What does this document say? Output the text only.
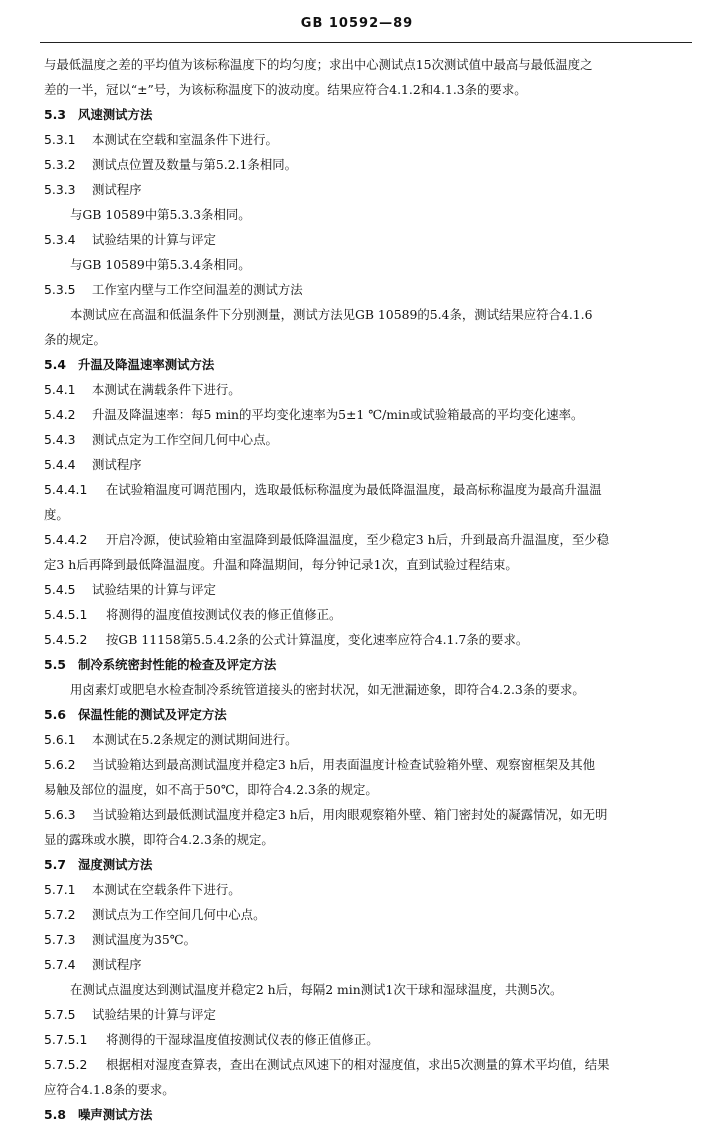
GB 10592—89
与最低温度之差的平均值为该标称温度下的均匀度；求出中心测试点15次测试值中最高与最低温度之
差的一半，冠以“±”号，为该标称温度下的波动度。结果应符合4.1.2和4.1.3条的要求。
5.3 风速测试方法
5.3.1 本测试在空载和室温条件下进行。
5.3.2 测试点位置及数量与第5.2.1条相同。
5.3.3 测试程序
与GB 10589中第5.3.3条相同。
5.3.4 试验结果的计算与评定
与GB 10589中第5.3.4条相同。
5.3.5 工作室内壁与工作空间温差的测试方法
本测试应在高温和低温条件下分别测量，测试方法见GB 10589的5.4条，测试结果应符合4.1.6
条的规定。
5.4 升温及降温速率测试方法
5.4.1 本测试在满载条件下进行。
5.4.2 升温及降温速率：每5 min的平均变化速率为5±1 ℃/min或试验箱最高的平均变化速率。
5.4.3 测试点定为工作空间几何中心点。
5.4.4 测试程序
5.4.4.1 在试验箱温度可调范围内，选取最低标称温度为最低降温温度，最高标称温度为最高升温温
度。
5.4.4.2 开启冷源，使试验箱由室温降到最低降温温度，至少稳定3 h后，升到最高升温温度，至少稳
定3 h后再降到最低降温温度。升温和降温期间，每分钟记录1次，直到试验过程结束。
5.4.5 试验结果的计算与评定
5.4.5.1 将测得的温度值按测试仪表的修正值修正。
5.4.5.2 按GB 11158第5.5.4.2条的公式计算温度，变化速率应符合4.1.7条的要求。
5.5 制冷系统密封性能的检查及评定方法
用卤素灯或肥皂水检查制冷系统管道接头的密封状况，如无泄漏迹象，即符合4.2.3条的要求。
5.6 保温性能的测试及评定方法
5.6.1 本测试在5.2条规定的测试期间进行。
5.6.2 当试验箱达到最高测试温度并稳定3 h后，用表面温度计检查试验箱外壁、观察窗框架及其他
易触及部位的温度，如不高于50℃，即符合4.2.3条的规定。
5.6.3 当试验箱达到最低测试温度并稳定3 h后，用肉眼观察箱外壁、箱门密封处的凝露情况，如无明
显的露珠或水膜，即符合4.2.3条的规定。
5.7 湿度测试方法
5.7.1 本测试在空载条件下进行。
5.7.2 测试点为工作空间几何中心点。
5.7.3 测试温度为35℃。
5.7.4 测试程序
在测试点温度达到测试温度并稳定2 h后，每隔2 min测试1次干球和湿球温度，共测5次。
5.7.5 试验结果的计算与评定
5.7.5.1 将测得的干湿球温度值按测试仪表的修正值修正。
5.7.5.2 根据相对湿度查算表，查出在测试点风速下的相对湿度值，求出5次测量的算术平均值，结果
应符合4.1.8条的要求。
5.8 噪声测试方法
